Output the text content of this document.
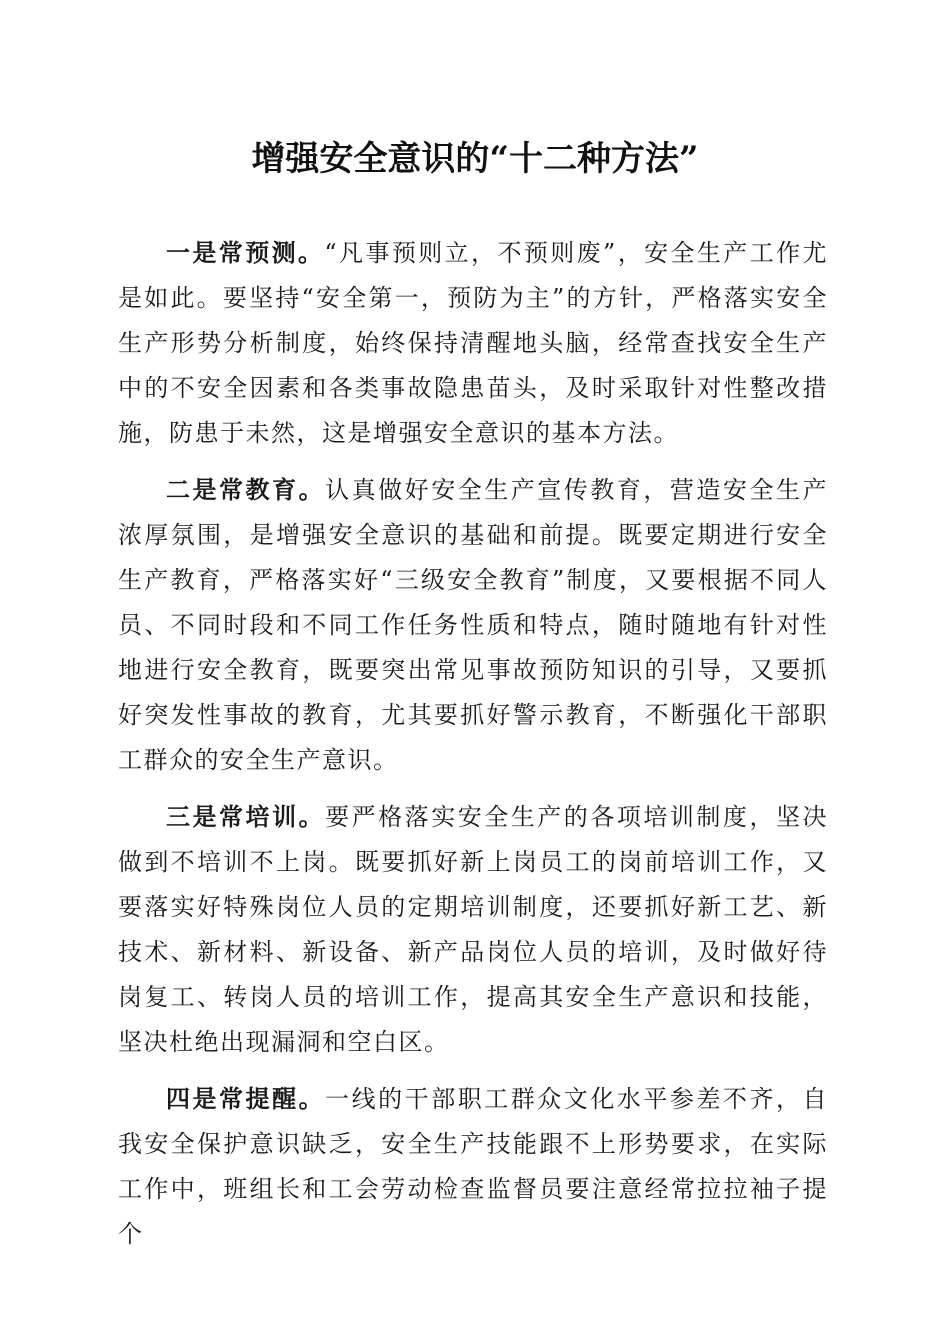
增强安全意识的“十二种方法”

一是常预测。“凡事预则立，不预则废”，安全生产工作尤是如此。要坚持“安全第一，预防为主”的方针，严格落实安全生产形势分析制度，始终保持清醒地头脑，经常查找安全生产中的不安全因素和各类事故隐患苗头，及时采取针对性整改措施，防患于未然，这是增强安全意识的基本方法。

二是常教育。认真做好安全生产宣传教育，营造安全生产浓厚氛围，是增强安全意识的基础和前提。既要定期进行安全生产教育，严格落实好“三级安全教育”制度，又要根据不同人员、不同时段和不同工作任务性质和特点，随时随地有针对性地进行安全教育，既要突出常见事故预防知识的引导，又要抓好突发性事故的教育，尤其要抓好警示教育，不断强化干部职工群众的安全生产意识。

三是常培训。要严格落实安全生产的各项培训制度，坚决做到不培训不上岗。既要抓好新上岗员工的岗前培训工作，又要落实好特殊岗位人员的定期培训制度，还要抓好新工艺、新技术、新材料、新设备、新产品岗位人员的培训，及时做好待岗复工、转岗人员的培训工作，提高其安全生产意识和技能，坚决杜绝出现漏洞和空白区。

四是常提醒。一线的干部职工群众文化水平参差不齐，自我安全保护意识缺乏，安全生产技能跟不上形势要求，在实际工作中，班组长和工会劳动检查监督员要注意经常拉拉袖子提个
